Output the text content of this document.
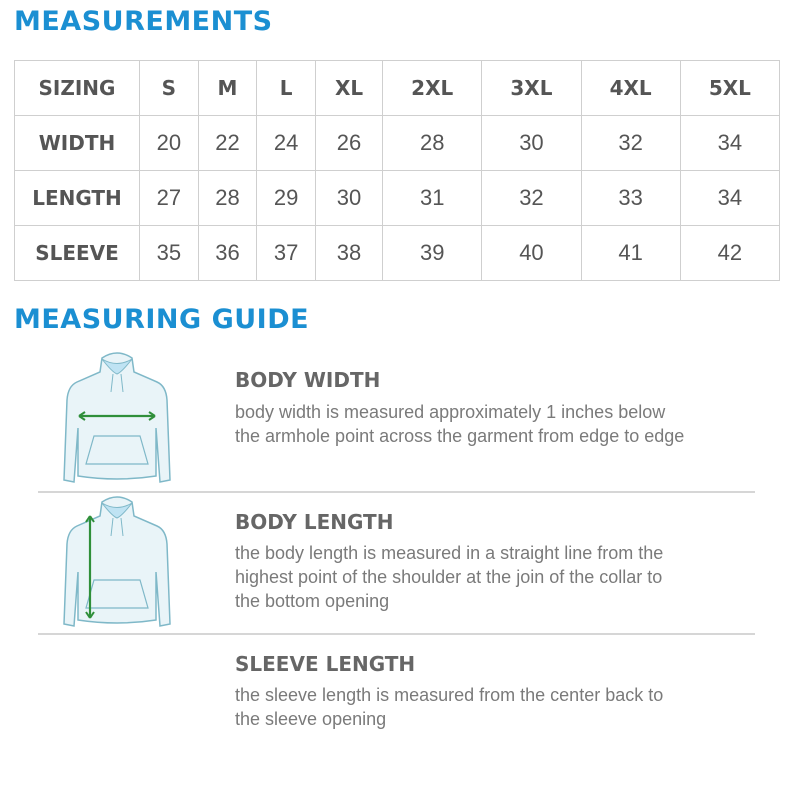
MEASUREMENTS
SIZING	S	M	L	XL	2XL	3XL	4XL	5XL
WIDTH	20	22	24	26	28	30	32	34
LENGTH	27	28	29	30	31	32	33	34
SLEEVE	35	36	37	38	39	40	41	42
MEASURING GUIDE
BODY WIDTH

body width is measured approximately 1 inches below
the armhole point across the garment from edge to edge

BODY LENGTH

the body length is measured in a straight line from the
highest point of the shoulder at the join of the collar to
the bottom opening

SLEEVE LENGTH

the sleeve length is measured from the center back to
the sleeve opening
